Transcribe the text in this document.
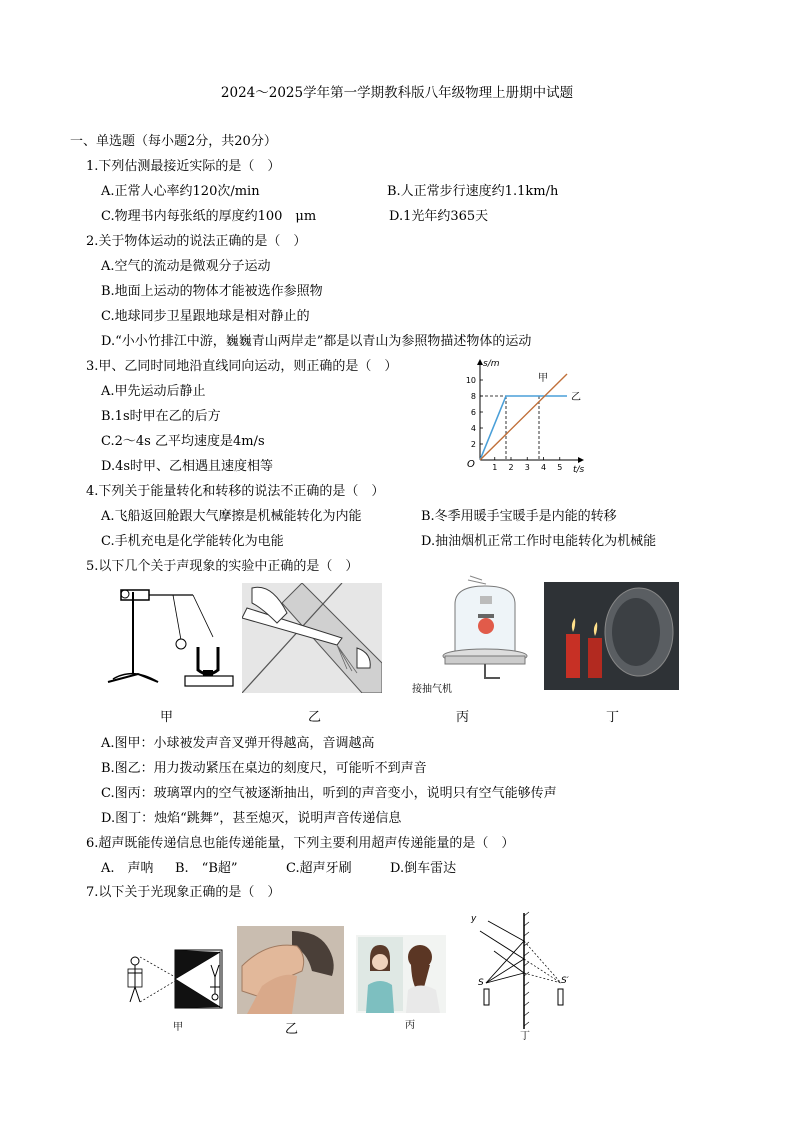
2024～2025学年第一学期教科版八年级物理上册期中试题
一、单选题（每小题2分，共20分）
1.下列估测最接近实际的是（　）
A.正常人心率约120次/min	B.人正常步行速度约1.1km/h
C.物理书内每张纸的厚度约100　μm	D.1光年约365天
2.关于物体运动的说法正确的是（　）
A.空气的流动是微观分子运动
B.地面上运动的物体才能被选作参照物
C.地球同步卫星跟地球是相对静止的
D.“小小竹排江中游，巍巍青山两岸走”都是以青山为参照物描述物体的运动
3.甲、乙同时同地沿直线同向运动，则正确的是（　）
A.甲先运动后静止
B.1s时甲在乙的后方
C.2～4s 乙平均速度是4m/s
D.4s时甲、乙相遇且速度相等
s/m
t/s
O
2
4
6
8
10
1 2 3 4 5
甲
乙
4.下列关于能量转化和转移的说法不正确的是（　）
A.飞船返回舱跟大气摩擦是机械能转化为内能	B.冬季用暖手宝暖手是内能的转移
C.手机充电是化学能转化为电能	D.抽油烟机正常工作时电能转化为机械能
5.以下几个关于声现象的实验中正确的是（　）
甲	乙
接抽气机
丙	丁
A.图甲：小球被发声音叉弹开得越高，音调越高
B.图乙：用力拨动紧压在桌边的刻度尺，可能听不到声音
C.图丙：玻璃罩内的空气被逐渐抽出，听到的声音变小，说明只有空气能够传声
D.图丁：烛焰“跳舞”，甚至熄灭，说明声音传递信息
6.超声既能传递信息也能传递能量，下列主要利用超声传递能量的是（　）
A.　声呐 B.　“B超”	C.超声牙刷	D.倒车雷达
7.以下关于光现象正确的是（　）
甲	乙	丙
y
S	S′
丁
